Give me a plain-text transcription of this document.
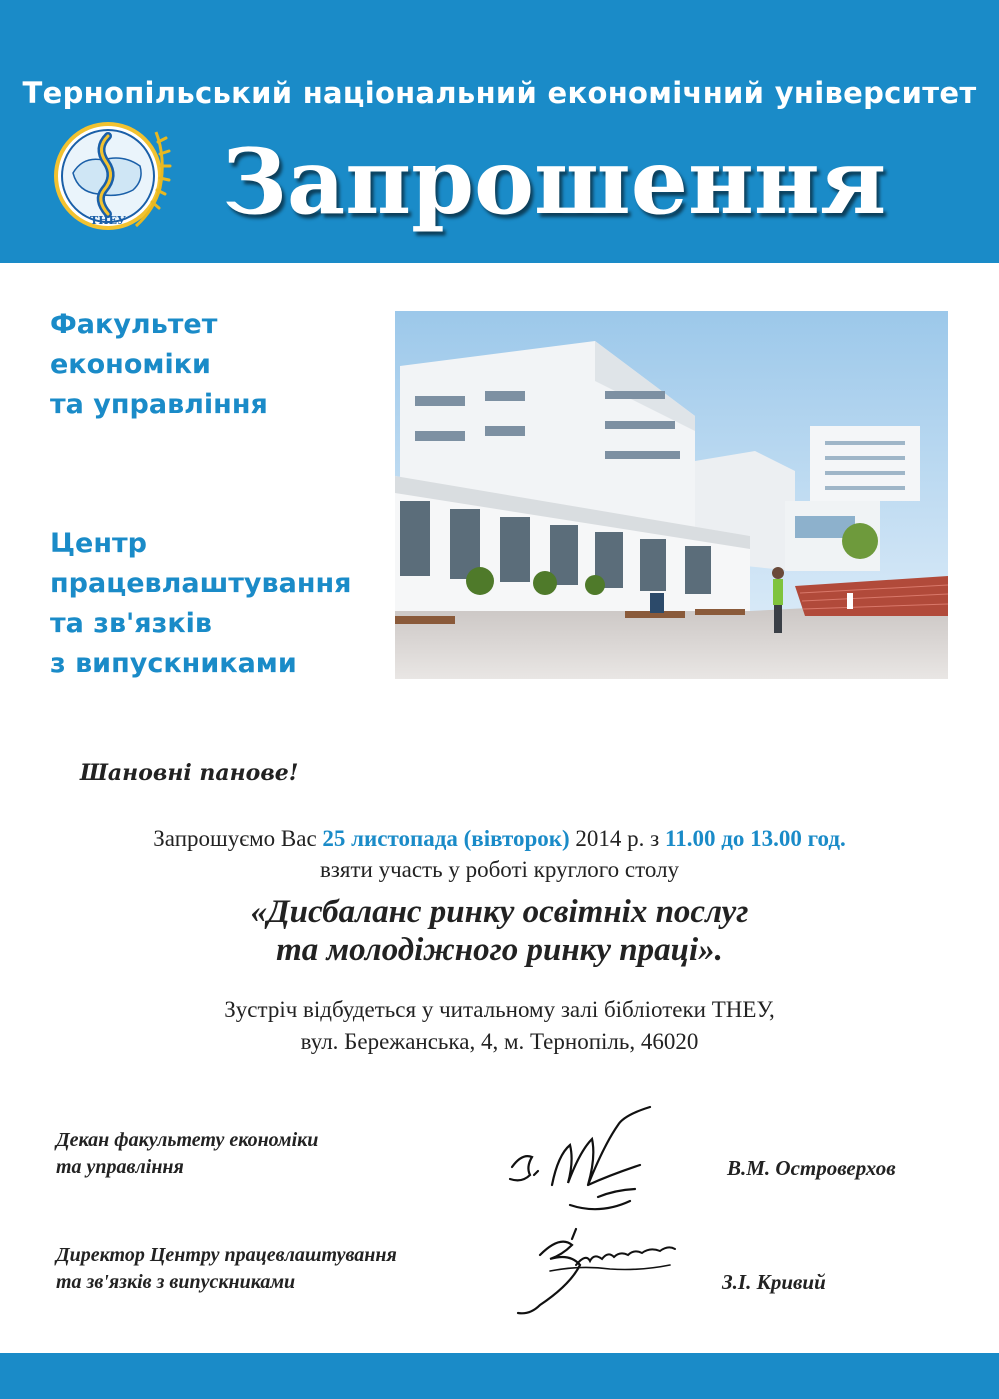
Тернопільський національний економічний університет
ТНЕУ Запрошення
Факультет
економіки
та управління
Центр
працевлаштування
та зв'язків
з випускниками
Шановні панове!
Запрошуємо Вас 25 листопада (вівторок) 2014 р. з 11.00 до 13.00 год.
взяти участь у роботі круглого столу
«Дисбаланс ринку освітніх послуг
та молодіжного ринку праці».
Зустріч відбудеться у читальному залі бібліотеки ТНЕУ,
вул. Бережанська, 4, м. Тернопіль, 46020
Декан факультету економіки
та управління	В.М. Островерхов
Директор Центру працевлаштування
та зв'язків з випускниками	З.І. Кривий
